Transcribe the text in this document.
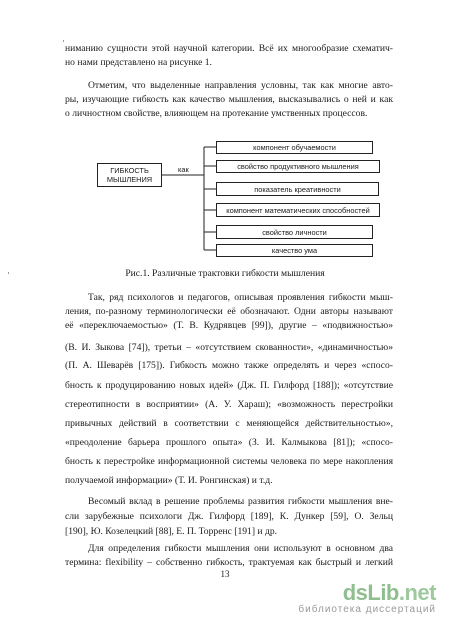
ниманию сущности этой научной категории. Всё их многообразие схематич-
но нами представлено на рисунке 1.
Отметим, что выделенные направления условны, так как многие авто-
ры, изучающие гибкость как качество мышления, высказывались о ней и как
о личностном свойстве, влияющем на протекание умственных процессов.
ГИБКОСТЬ МЫШЛЕНИЯ
как
компонент обучаемости
свойство продуктивного мышления
показатель креативности
компонент математических способностей
свойство личности
качество ума
Рис.1. Различные трактовки гибкости мышления
Так, ряд психологов и педагогов, описывая проявления гибкости мыш-
ления, по-разному терминологически её обозначают. Одни авторы называют
её «переключаемостью» (Т. В. Кудрявцев [99]), другие – «подвижностью»
(В. И. Зыкова [74]), третьи – «отсутствием скованности», «динамичностью»
(П. А. Шеварёв [175]). Гибкость можно также определять и через «спосо-
бность к продуцированию новых идей» (Дж. П. Гилфорд [188]); «отсутствие
стереотипности в восприятии» (А. У. Хараш); «возможность перестройки
привычных действий в соответствии с меняющейся действительностью»,
«преодоление барьера прошлого опыта» (З. И. Калмыкова [81]); «спосо-
бность к перестройке информационной системы человека по мере накопления
получаемой информации» (Т. И. Ронгинская) и т.д.
Весомый вклад в решение проблемы развития гибкости мышления вне-
сли зарубежные психологи Дж. Гилфорд [189], К. Дункер [59], О. Зельц
[190], Ю. Козелецкий [88], Е. П. Торренс [191] и др.
Для определения гибкости мышления они используют в основном два
термина: flexibility – собственно гибкость, трактуемая как быстрый и легкий
13
dsLib.net
библиотека диссертаций
